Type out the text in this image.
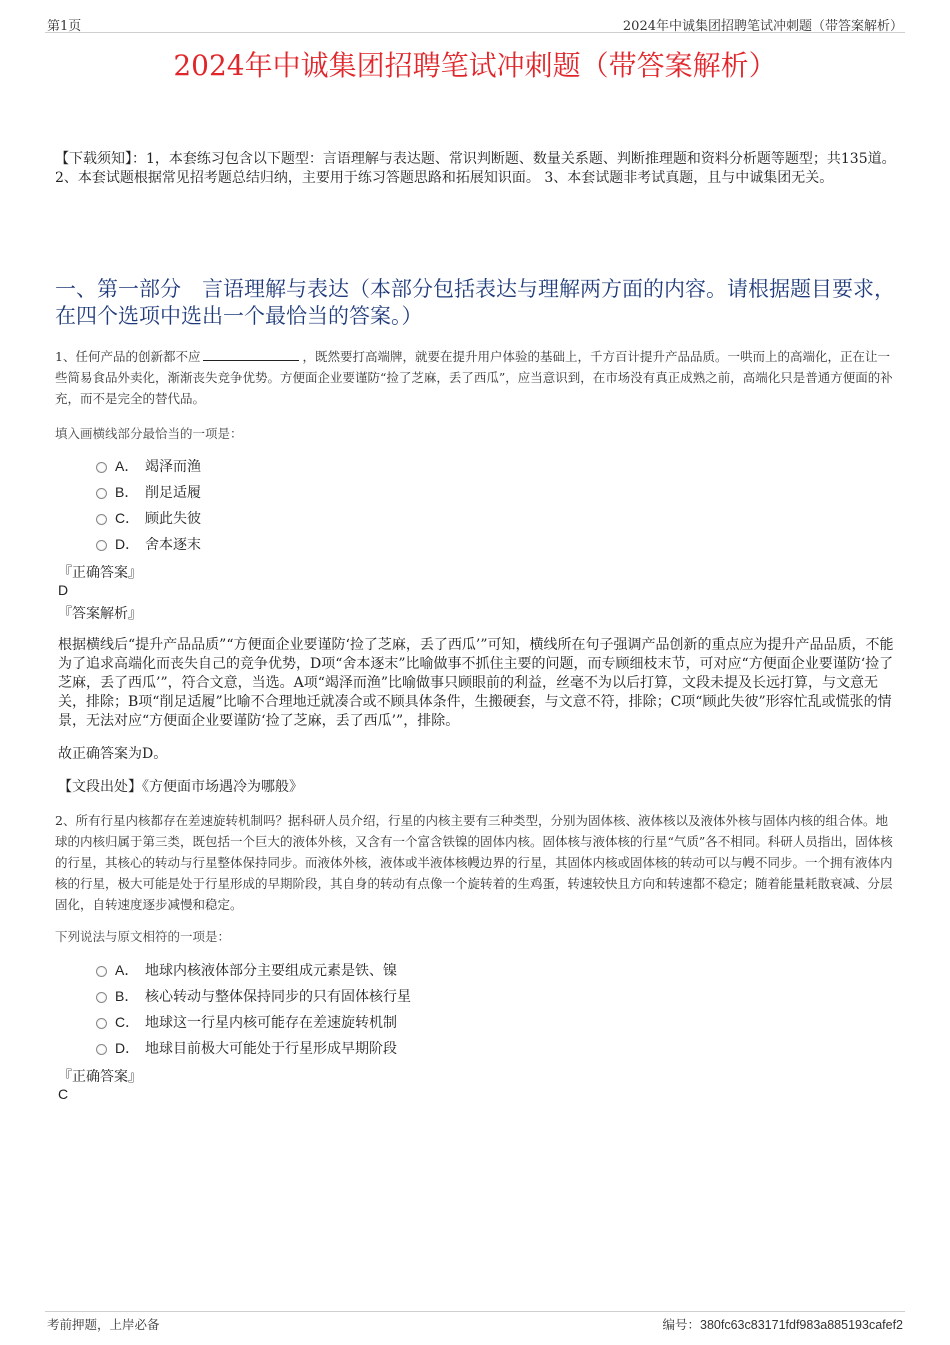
第1页	2024年中诚集团招聘笔试冲刺题（带答案解析）
2024年中诚集团招聘笔试冲刺题（带答案解析）
【下载须知】：1，本套练习包含以下题型：言语理解与表达题、常识判断题、数量关系题、判断推理题和资料分析题等题型；共135道。 2、本套试题根据常见招考题总结归纳，主要用于练习答题思路和拓展知识面。 3、本套试题非考试真题，且与中诚集团无关。
一、第一部分　言语理解与表达（本部分包括表达与理解两方面的内容。请根据题目要求，在四个选项中选出一个最恰当的答案。）
1、任何产品的创新都不应	，既然要打高端牌，就要在提升用户体验的基础上，千方百计提升产品品质。一哄而上的高端化，正在让一些简易食品外卖化，渐渐丧失竞争优势。方便面企业要谨防“捡了芝麻，丢了西瓜”，应当意识到，在市场没有真正成熟之前，高端化只是普通方便面的补充，而不是完全的替代品。
填入画横线部分最恰当的一项是：
A． 竭泽而渔
B． 削足适履
C． 顾此失彼
D． 舍本逐末
『正确答案』
D
『答案解析』
根据横线后“提升产品品质”“方便面企业要谨防‘捡了芝麻，丢了西瓜’”可知，横线所在句子强调产品创新的重点应为提升产品品质，不能为了追求高端化而丧失自己的竞争优势，D项“舍本逐末”比喻做事不抓住主要的问题，而专顾细枝末节，可对应“方便面企业要谨防‘捡了芝麻，丢了西瓜’”，符合文意，当选。A项“竭泽而渔”比喻做事只顾眼前的利益，丝毫不为以后打算，文段未提及长远打算，与文意无关，排除；B项“削足适履”比喻不合理地迁就凑合或不顾具体条件，生搬硬套，与文意不符，排除；C项“顾此失彼”形容忙乱或慌张的情景，无法对应“方便面企业要谨防‘捡了芝麻，丢了西瓜’”，排除。
故正确答案为D。
【文段出处】《方便面市场遇冷为哪般》
2、所有行星内核都存在差速旋转机制吗？据科研人员介绍，行星的内核主要有三种类型，分别为固体核、液体核以及液体外核与固体内核的组合体。地球的内核归属于第三类，既包括一个巨大的液体外核，又含有一个富含铁镍的固体内核。固体核与液体核的行星“气质”各不相同。科研人员指出，固体核的行星，其核心的转动与行星整体保持同步。而液体外核，液体或半液体核幔边界的行星，其固体内核或固体核的转动可以与幔不同步。一个拥有液体内核的行星，极大可能是处于行星形成的早期阶段，其自身的转动有点像一个旋转着的生鸡蛋，转速较快且方向和转速都不稳定；随着能量耗散衰减、分层固化，自转速度逐步减慢和稳定。
下列说法与原文相符的一项是：
A． 地球内核液体部分主要组成元素是铁、镍
B． 核心转动与整体保持同步的只有固体核行星
C． 地球这一行星内核可能存在差速旋转机制
D． 地球目前极大可能处于行星形成早期阶段
『正确答案』
C
考前押题，上岸必备	编号：380fc63c83171fdf983a885193cafef2
